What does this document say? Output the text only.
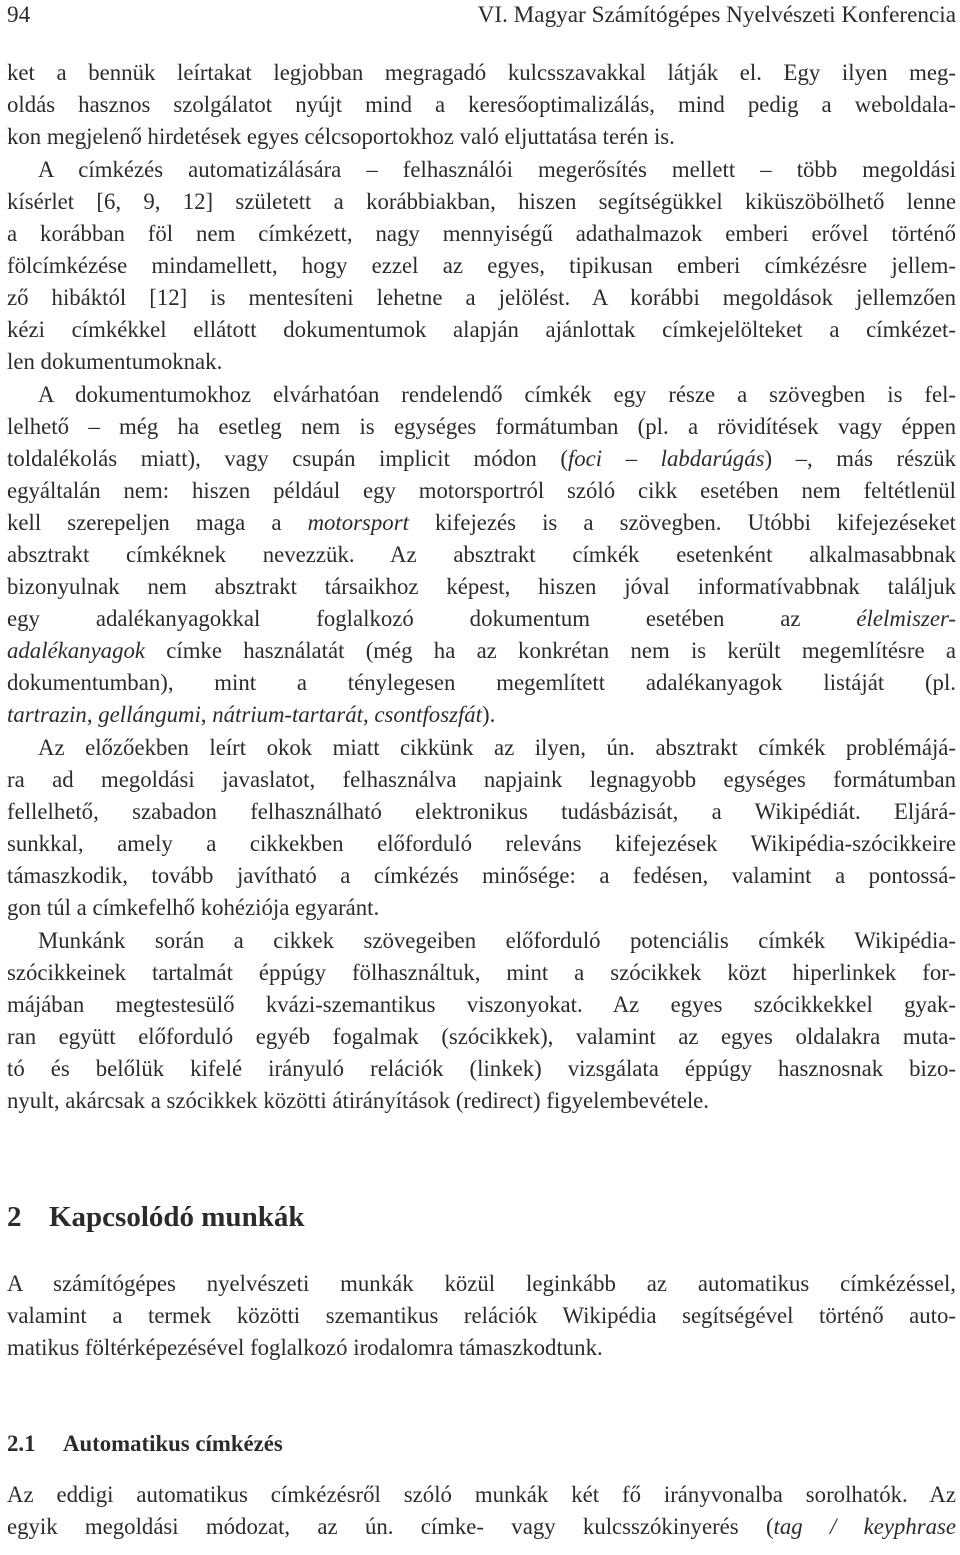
94	VI. Magyar Számítógépes Nyelvészeti Konferencia
ket a bennük leírtakat legjobban megragadó kulcsszavakkal látják el. Egy ilyen meg-
oldás hasznos szolgálatot nyújt mind a keresőoptimalizálás, mind pedig a weboldala-
kon megjelenő hirdetések egyes célcsoportokhoz való eljuttatása terén is.
A címkézés automatizálására – felhasználói megerősítés mellett – több megoldási
kísérlet [6, 9, 12] született a korábbiakban, hiszen segítségükkel kiküszöbölhető lenne
a korábban föl nem címkézett, nagy mennyiségű adathalmazok emberi erővel történő
fölcímkézése mindamellett, hogy ezzel az egyes, tipikusan emberi címkézésre jellem-
ző hibáktól [12] is mentesíteni lehetne a jelölést. A korábbi megoldások jellemzően
kézi címkékkel ellátott dokumentumok alapján ajánlottak címkejelölteket a címkézet-
len dokumentumoknak.
A dokumentumokhoz elvárhatóan rendelendő címkék egy része a szövegben is fel-
lelhető – még ha esetleg nem is egységes formátumban (pl. a rövidítések vagy éppen
toldalékolás miatt), vagy csupán implicit módon (foci – labdarúgás) –, más részük
egyáltalán nem: hiszen például egy motorsportról szóló cikk esetében nem feltétlenül
kell szerepeljen maga a motorsport kifejezés is a szövegben. Utóbbi kifejezéseket
absztrakt címkéknek nevezzük. Az absztrakt címkék esetenként alkalmasabbnak
bizonyulnak nem absztrakt társaikhoz képest, hiszen jóval informatívabbnak találjuk
egy adalékanyagokkal foglalkozó dokumentum esetében az élelmiszer-
adalékanyagok címke használatát (még ha az konkrétan nem is került megemlítésre a
dokumentumban), mint a ténylegesen megemlített adalékanyagok listáját (pl.
tartrazin, gellángumi, nátrium-tartarát, csontfoszfát).
Az előzőekben leírt okok miatt cikkünk az ilyen, ún. absztrakt címkék problémájá-
ra ad megoldási javaslatot, felhasználva napjaink legnagyobb egységes formátumban
fellelhető, szabadon felhasználható elektronikus tudásbázisát, a Wikipédiát. Eljárá-
sunkkal, amely a cikkekben előforduló releváns kifejezések Wikipédia-szócikkeire
támaszkodik, tovább javítható a címkézés minősége: a fedésen, valamint a pontossá-
gon túl a címkefelhő kohéziója egyaránt.
Munkánk során a cikkek szövegeiben előforduló potenciális címkék Wikipédia-
szócikkeinek tartalmát éppúgy fölhasználtuk, mint a szócikkek közt hiperlinkek for-
májában megtestesülő kvázi-szemantikus viszonyokat. Az egyes szócikkekkel gyak-
ran együtt előforduló egyéb fogalmak (szócikkek), valamint az egyes oldalakra muta-
tó és belőlük kifelé irányuló relációk (linkek) vizsgálata éppúgy hasznosnak bizo-
nyult, akárcsak a szócikkek közötti átirányítások (redirect) figyelembevétele.
A számítógépes nyelvészeti munkák közül leginkább az automatikus címkézéssel,
valamint a termek közötti szemantikus relációk Wikipédia segítségével történő auto-
matikus föltérképezésével foglalkozó irodalomra támaszkodtunk.
Az eddigi automatikus címkézésről szóló munkák két fő irányvonalba sorolhatók. Az
egyik megoldási módozat, az ún. címke- vagy kulcsszókinyerés (tag / keyphrase
2 Kapcsolódó munkák
2.1 Automatikus címkézés
